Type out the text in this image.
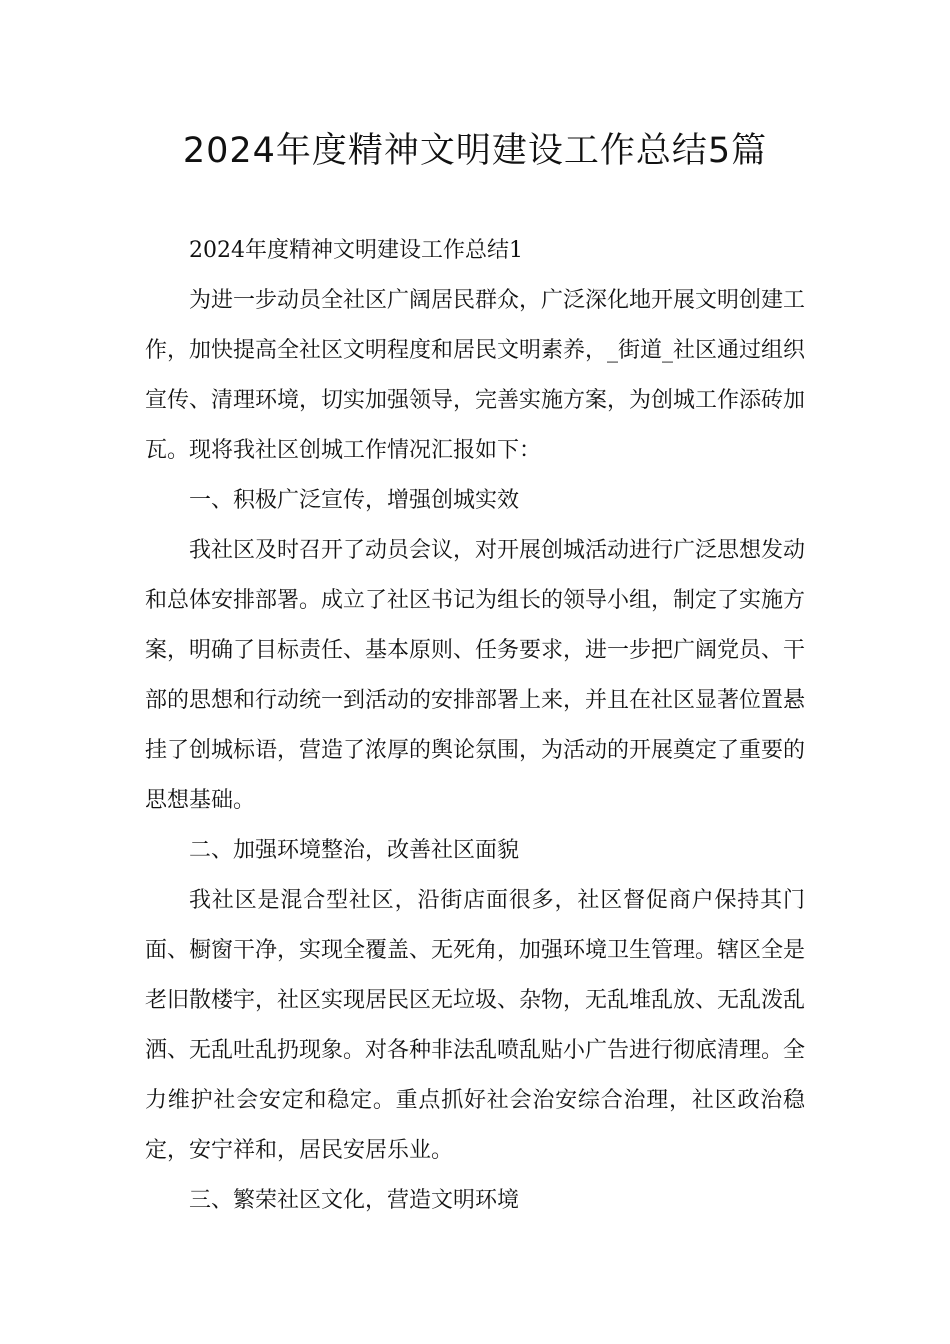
2024年度精神文明建设工作总结5篇

2024年度精神文明建设工作总结1

为进一步动员全社区广阔居民群众，广泛深化地开展文明创建工作，加快提高全社区文明程度和居民文明素养，_街道_社区通过组织宣传、清理环境，切实加强领导，完善实施方案，为创城工作添砖加瓦。现将我社区创城工作情况汇报如下：

一、积极广泛宣传，增强创城实效

我社区及时召开了动员会议，对开展创城活动进行广泛思想发动和总体安排部署。成立了社区书记为组长的领导小组，制定了实施方案，明确了目标责任、基本原则、任务要求，进一步把广阔党员、干部的思想和行动统一到活动的安排部署上来，并且在社区显著位置悬挂了创城标语，营造了浓厚的舆论氛围，为活动的开展奠定了重要的思想基础。

二、加强环境整治，改善社区面貌

我社区是混合型社区，沿街店面很多，社区督促商户保持其门面、橱窗干净，实现全覆盖、无死角，加强环境卫生管理。辖区全是老旧散楼宇，社区实现居民区无垃圾、杂物，无乱堆乱放、无乱泼乱洒、无乱吐乱扔现象。对各种非法乱喷乱贴小广告进行彻底清理。全力维护社会安定和稳定。重点抓好社会治安综合治理，社区政治稳定，安宁祥和，居民安居乐业。

三、繁荣社区文化，营造文明环境
